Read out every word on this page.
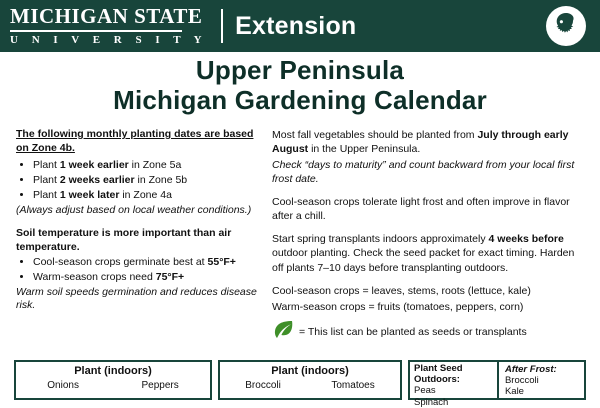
MICHIGAN STATE
U N I V E R S I T Y
Extension
Upper Peninsula
Michigan Gardening Calendar
The following monthly planting dates are based on Zone 4b.
• Plant 1 week earlier in Zone 5a
• Plant 2 weeks earlier in Zone 5b
• Plant 1 week later in Zone 4a
(Always adjust based on local weather conditions.)
Soil temperature is more important than air temperature.
• Cool-season crops germinate best at 55°F+
• Warm-season crops need 75°F+
Warm soil speeds germination and reduces disease risk.

Most fall vegetables should be planted from July through early August in the Upper Peninsula.

Check “days to maturity” and count backward from your local first frost date.

Cool-season crops tolerate light frost and often improve in flavor after a chill.

Start spring transplants indoors approximately 4 weeks before outdoor planting. Check the seed packet for exact timing. Harden off plants 7–10 days before transplanting outdoors.

Cool-season crops = leaves, stems, roots (lettuce, kale)

Warm-season crops = fruits (tomatoes, peppers, corn)

= This list can be planted as seeds or transplants
Plant (indoors)
Onions	Peppers
Plant (indoors)
Broccoli	Tomatoes
Plant Seed Outdoors:
Peas
Spinach
After Frost:
Broccoli
Kale
